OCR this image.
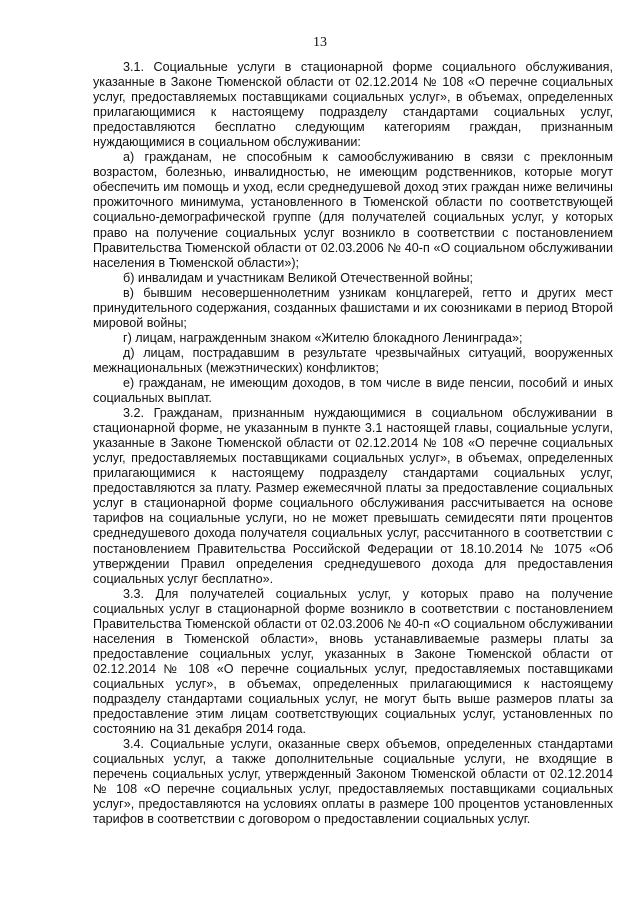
13

3.1. Социальные услуги в стационарной форме социального обслуживания, указанные в Законе Тюменской области от 02.12.2014 № 108 «О перечне социальных услуг, предоставляемых поставщиками социальных услуг», в объемах, определенных прилагающимися к настоящему подразделу стандартами социальных услуг, предоставляются бесплатно следующим категориям граждан, признанным нуждающимися в социальном обслуживании:

а) гражданам, не способным к самообслуживанию в связи с преклонным возрастом, болезнью, инвалидностью, не имеющим родственников, которые могут обеспечить им помощь и уход, если среднедушевой доход этих граждан ниже величины прожиточного минимума, установленного в Тюменской области по соответствующей социально-демографической группе (для получателей социальных услуг, у которых право на получение социальных услуг возникло в соответствии с постановлением Правительства Тюменской области от 02.03.2006 № 40-п «О социальном обслуживании населения в Тюменской области»);

б) инвалидам и участникам Великой Отечественной войны;

в) бывшим несовершеннолетним узникам концлагерей, гетто и других мест принудительного содержания, созданных фашистами и их союзниками в период Второй мировой войны;

г) лицам, награжденным знаком «Жителю блокадного Ленинграда»;

д) лицам, пострадавшим в результате чрезвычайных ситуаций, вооруженных межнациональных (межэтнических) конфликтов;

е) гражданам, не имеющим доходов, в том числе в виде пенсии, пособий и иных социальных выплат.

3.2. Гражданам, признанным нуждающимися в социальном обслуживании в стационарной форме, не указанным в пункте 3.1 настоящей главы, социальные услуги, указанные в Законе Тюменской области от 02.12.2014 № 108 «О перечне социальных услуг, предоставляемых поставщиками социальных услуг», в объемах, определенных прилагающимися к настоящему подразделу стандартами социальных услуг, предоставляются за плату. Размер ежемесячной платы за предоставление социальных услуг в стационарной форме социального обслуживания рассчитывается на основе тарифов на социальные услуги, но не может превышать семидесяти пяти процентов среднедушевого дохода получателя социальных услуг, рассчитанного в соответствии с постановлением Правительства Российской Федерации от 18.10.2014 № 1075 «Об утверждении Правил определения среднедушевого дохода для предоставления социальных услуг бесплатно».

3.3. Для получателей социальных услуг, у которых право на получение социальных услуг в стационарной форме возникло в соответствии с постановлением Правительства Тюменской области от 02.03.2006 № 40-п «О социальном обслуживании населения в Тюменской области», вновь устанавливаемые размеры платы за предоставление социальных услуг, указанных в Законе Тюменской области от 02.12.2014 № 108 «О перечне социальных услуг, предоставляемых поставщиками социальных услуг», в объемах, определенных прилагающимися к настоящему подразделу стандартами социальных услуг, не могут быть выше размеров платы за предоставление этим лицам соответствующих социальных услуг, установленных по состоянию на 31 декабря 2014 года.

3.4. Социальные услуги, оказанные сверх объемов, определенных стандартами социальных услуг, а также дополнительные социальные услуги, не входящие в перечень социальных услуг, утвержденный Законом Тюменской области от 02.12.2014 № 108 «О перечне социальных услуг, предоставляемых поставщиками социальных услуг», предоставляются на условиях оплаты в размере 100 процентов установленных тарифов в соответствии с договором о предоставлении социальных услуг.
